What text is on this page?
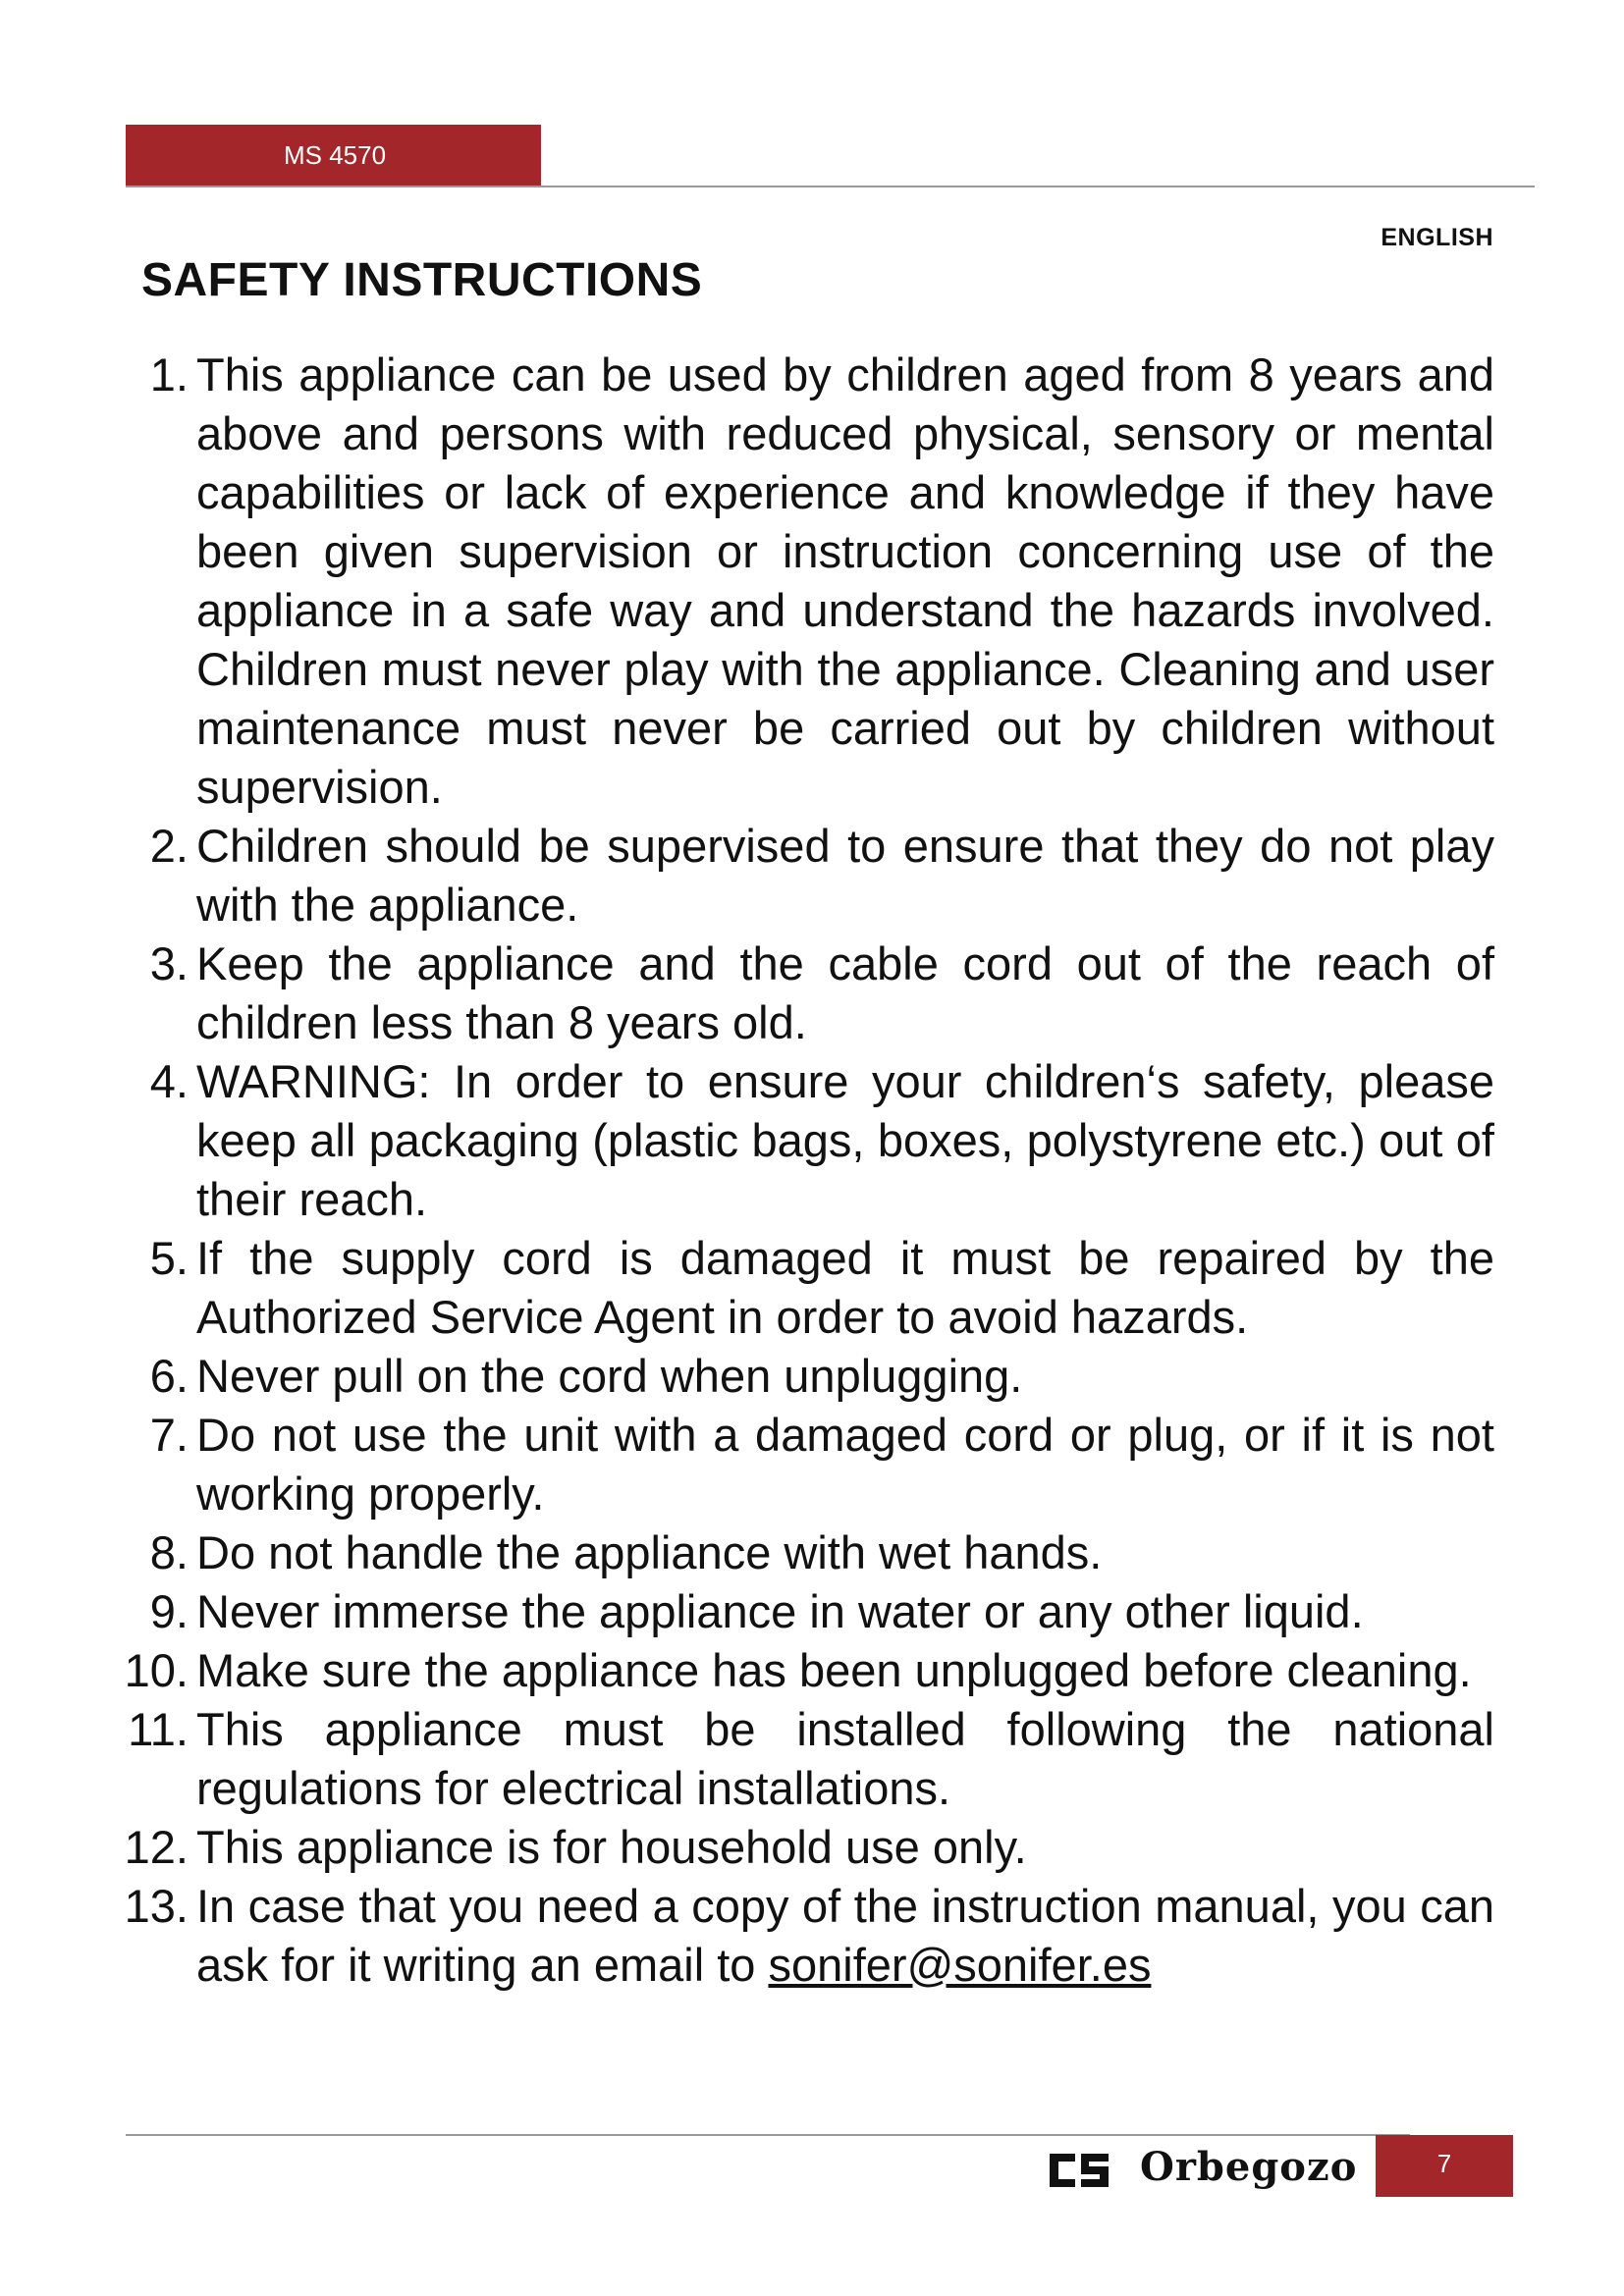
MS 4570
ENGLISH
SAFETY INSTRUCTIONS
1. This appliance can be used by children aged from 8 years and above and persons with reduced physical, sensory or mental capabilities or lack of experience and knowledge if they have been given supervision or instruction concerning use of the appliance in a safe way and understand the hazards involved. Children must never play with the appliance. Cleaning and user maintenance must never be carried out by children without supervision.
2. Children should be supervised to ensure that they do not play with the appliance.
3. Keep the appliance and the cable cord out of the reach of children less than 8 years old.
4. WARNING: In order to ensure your children‘s safety, please keep all packaging (plastic bags, boxes, polystyrene etc.) out of their reach.
5. If the supply cord is damaged it must be repaired by the Authorized Service Agent in order to avoid hazards.
6. Never pull on the cord when unplugging.
7. Do not use the unit with a damaged cord or plug, or if it is not working properly.
8. Do not handle the appliance with wet hands.
9. Never immerse the appliance in water or any other liquid.
10. Make sure the appliance has been unplugged before cleaning.
11. This appliance must be installed following the national regulations for electrical installations.
12. This appliance is for household use only.
13. In case that you need a copy of the instruction manual, you can ask for it writing an email to sonifer@sonifer.es
Orbegozo	7
